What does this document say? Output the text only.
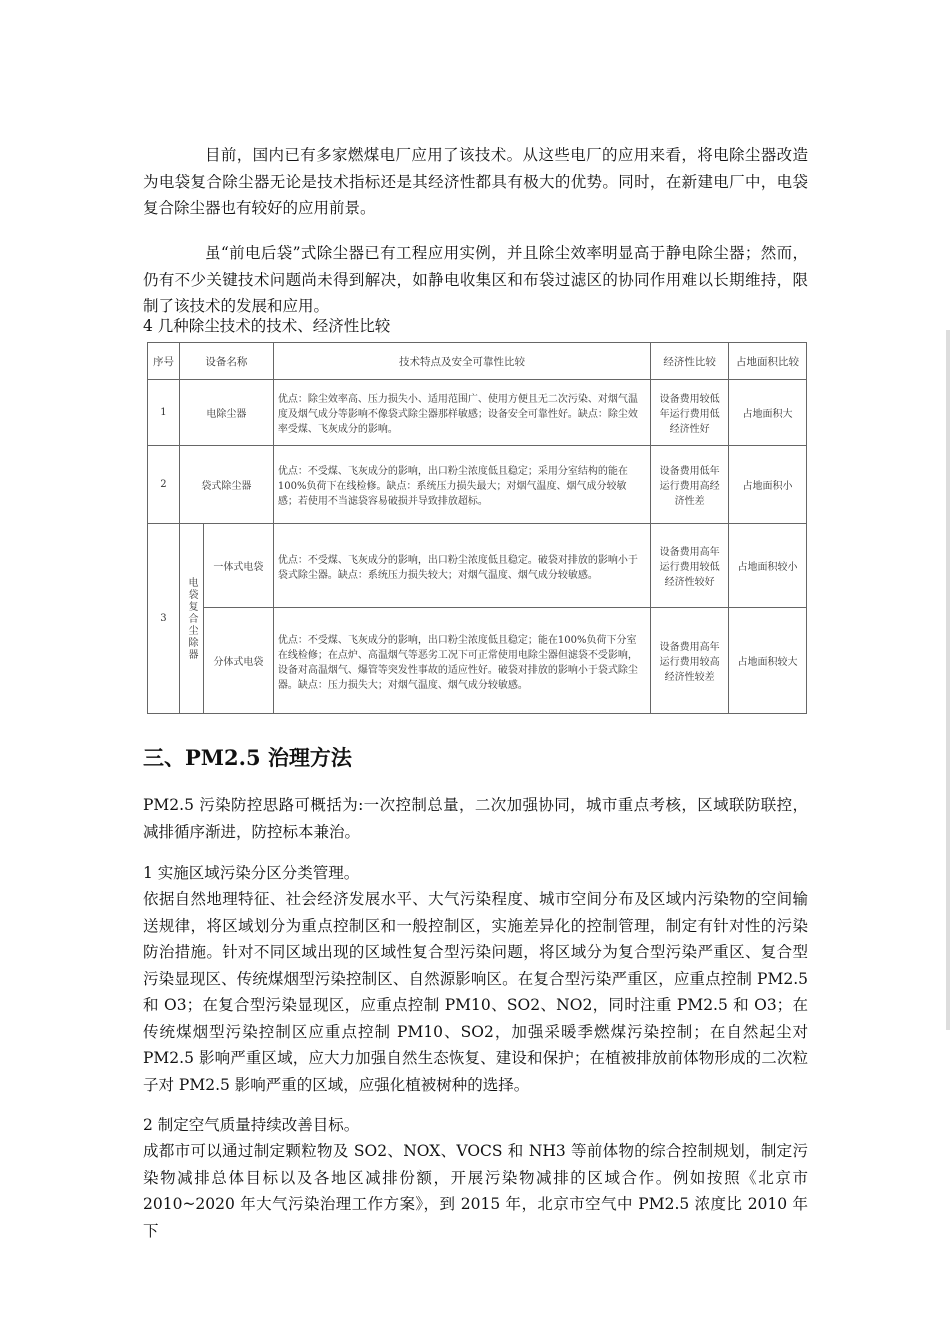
目前，国内已有多家燃煤电厂应用了该技术。从这些电厂的应用来看，将电除尘器改造为电袋复合除尘器无论是技术指标还是其经济性都具有极大的优势。同时，在新建电厂中，电袋复合除尘器也有较好的应用前景。

虽“前电后袋”式除尘器已有工程应用实例，并且除尘效率明显高于静电除尘器；然而，仍有不少关键技术问题尚未得到解决，如静电收集区和布袋过滤区的协同作用难以长期维持，限制了该技术的发展和应用。

4 几种除尘技术的技术、经济性比较

序号	设备名称		技术特点及安全可靠性比较	经济性比较	占地面积比较
1	电除尘器		优点：除尘效率高、压力损失小、适用范围广、使用方便且无二次污染、对烟气温度及烟气成分等影响不像袋式除尘器那样敏感；设备安全可靠性好。缺点：除尘效率受煤、飞灰成分的影响。	设备费用较低年运行费用低经济性好	占地面积大
2	袋式除尘器		优点：不受煤、飞灰成分的影响，出口粉尘浓度低且稳定；采用分室结构的能在100%负荷下在线检修。缺点：系统压力损失最大；对烟气温度、烟气成分较敏感；若使用不当滤袋容易破损并导致排放超标。	设备费用低年运行费用高经济性差	占地面积小
3	电袋复合尘除器	一体式电袋	优点：不受煤、飞灰成分的影响，出口粉尘浓度低且稳定。破袋对排放的影响小于袋式除尘器。缺点：系统压力损失较大；对烟气温度、烟气成分较敏感。	设备费用高年运行费用较低经济性较好	占地面积较小
		分体式电袋	优点：不受煤、飞灰成分的影响，出口粉尘浓度低且稳定；能在100%负荷下分室在线检修；在点炉、高温烟气等恶劣工况下可正常使用电除尘器但滤袋不受影响，设备对高温烟气、爆管等突发性事故的适应性好。破袋对排放的影响小于袋式除尘器。缺点：压力损失大；对烟气温度、烟气成分较敏感。	设备费用高年运行费用较高经济性较差	占地面积较大
三、PM2.5 治理方法

PM2.5 污染防控思路可概括为:一次控制总量，二次加强协同，城市重点考核，区域联防联控，减排循序渐进，防控标本兼治。

1 实施区域污染分区分类管理。

依据自然地理特征、社会经济发展水平、大气污染程度、城市空间分布及区域内污染物的空间输送规律，将区域划分为重点控制区和一般控制区，实施差异化的控制管理，制定有针对性的污染防治措施。针对不同区域出现的区域性复合型污染问题，将区域分为复合型污染严重区、复合型污染显现区、传统煤烟型污染控制区、自然源影响区。在复合型污染严重区，应重点控制 PM2.5 和 O3；在复合型污染显现区，应重点控制 PM10、SO2、NO2，同时注重 PM2.5 和 O3；在传统煤烟型污染控制区应重点控制 PM10、SO2，加强采暖季燃煤污染控制；在自然起尘对 PM2.5 影响严重区域，应大力加强自然生态恢复、建设和保护；在植被排放前体物形成的二次粒子对 PM2.5 影响严重的区域，应强化植被树种的选择。

2 制定空气质量持续改善目标。

成都市可以通过制定颗粒物及 SO2、NOX、VOCS 和 NH3 等前体物的综合控制规划，制定污染物减排总体目标以及各地区减排份额，开展污染物减排的区域合作。例如按照《北京市2010~2020 年大气污染治理工作方案》，到 2015 年，北京市空气中 PM2.5 浓度比 2010 年下
